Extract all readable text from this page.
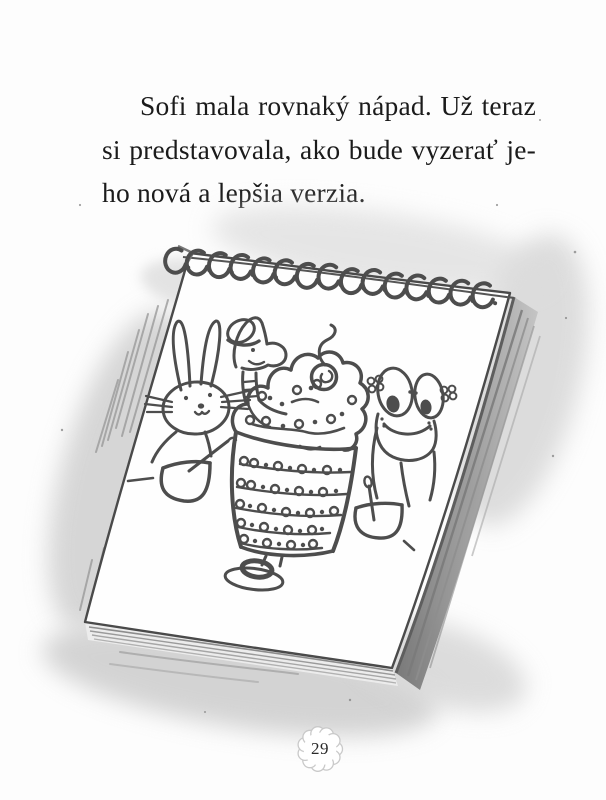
Sofi mala rovnaký nápad. Už teraz
si predstavovala, ako bude vyzerať je-
ho nová a lepšia verzia.

29
